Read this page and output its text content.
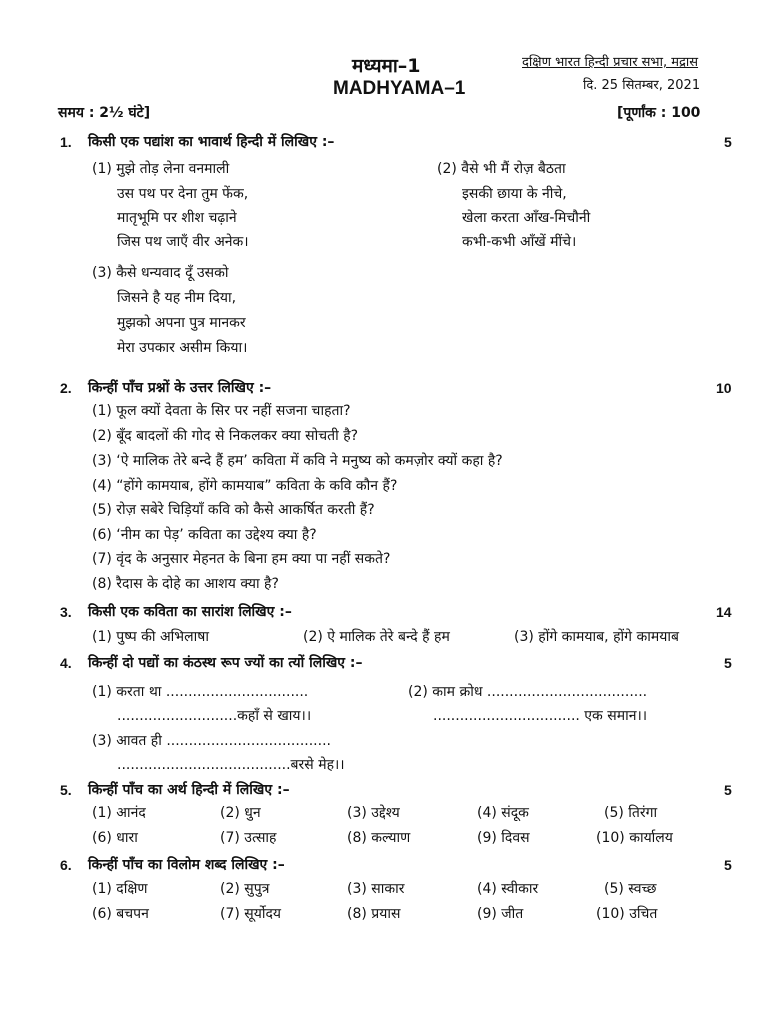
मध्यमा–1
MADHYAMA–1
दक्षिण भारत हिन्दी प्रचार सभा, मद्रास
दि. 25 सितम्बर, 2021
समय : 2½ घंटे]	[पूर्णांक : 100
1. किसी एक पद्यांश का भावार्थ हिन्दी में लिखिए :–	5
(1) मुझे तोड़ लेना वनमाली
उस पथ पर देना तुम फेंक,
मातृभूमि पर शीश चढ़ाने
जिस पथ जाएँ वीर अनेक।
(2) वैसे भी मैं रोज़ बैठता
इसकी छाया के नीचे,
खेला करता आँख-मिचौनी
कभी-कभी आँखें मींचे।
(3) कैसे धन्यवाद दूँ उसको
जिसने है यह नीम दिया,
मुझको अपना पुत्र मानकर
मेरा उपकार असीम किया।
2. किन्हीं पाँच प्रश्नों के उत्तर लिखिए :–	10
(1) फूल क्यों देवता के सिर पर नहीं सजना चाहता?
(2) बूँद बादलों की गोद से निकलकर क्या सोचती है?
(3) ‘ऐ मालिक तेरे बन्दे हैं हम’ कविता में कवि ने मनुष्य को कमज़ोर क्यों कहा है?
(4) “होंगे कामयाब, होंगे कामयाब” कविता के कवि कौन हैं?
(5) रोज़ सबेरे चिड़ियाँ कवि को कैसे आकर्षित करती हैं?
(6) ‘नीम का पेड़’ कविता का उद्देश्य क्या है?
(7) वृंद के अनुसार मेहनत के बिना हम क्या पा नहीं सकते?
(8) रैदास के दोहे का आशय क्या है?
3. किसी एक कविता का सारांश लिखिए :–	14
(1) पुष्प की अभिलाषा	(2) ऐ मालिक तेरे बन्दे हैं हम	(3) होंगे कामयाब, होंगे कामयाब
4. किन्हीं दो पद्यों का कंठस्थ रूप ज्यों का त्यों लिखिए :–	5
(1) करता था ................................	(2) काम क्रोध ....................................
...........................कहाँ से खाय।।	................................. एक समान।।
(3) आवत ही .....................................
.......................................बरसे मेह।।
5. किन्हीं पाँच का अर्थ हिन्दी में लिखिए :–	5
(1) आनंद	(2) धुन	(3) उद्देश्य	(4) संदूक	(5) तिरंगा
(6) धारा	(7) उत्साह	(8) कल्याण	(9) दिवस	(10) कार्यालय
6. किन्हीं पाँच का विलोम शब्द लिखिए :–	5
(1) दक्षिण	(2) सुपुत्र	(3) साकार	(4) स्वीकार	(5) स्वच्छ
(6) बचपन	(7) सूर्योदय	(8) प्रयास	(9) जीत	(10) उचित
